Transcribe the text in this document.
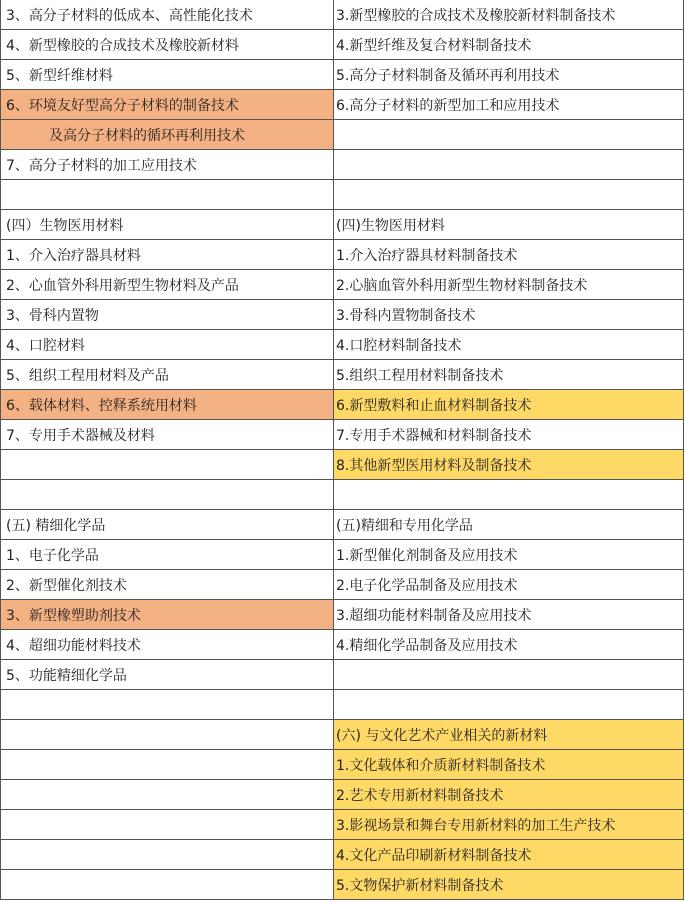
3、高分子材料的低成本、高性能化技术	3.新型橡胶的合成技术及橡胶新材料制备技术
4、新型橡胶的合成技术及橡胶新材料	4.新型纤维及复合材料制备技术
5、新型纤维材料	5.高分子材料制备及循环再利用技术
6、环境友好型高分子材料的制备技术	6.高分子材料的新型加工和应用技术
及高分子材料的循环再利用技术	
7、高分子材料的加工应用技术	

(四）生物医用材料	(四)生物医用材料
1、介入治疗器具材料	1.介入治疗器具材料制备技术
2、心血管外科用新型生物材料及产品	2.心脑血管外科用新型生物材料制备技术
3、骨科内置物	3.骨科内置物制备技术
4、口腔材料	4.口腔材料制备技术
5、组织工程用材料及产品	5.组织工程用材料制备技术
6、载体材料、控释系统用材料	6.新型敷料和止血材料制备技术
7、专用手术器械及材料	7.专用手术器械和材料制备技术
	8.其他新型医用材料及制备技术

(五) 精细化学品	(五)精细和专用化学品
1、电子化学品	1.新型催化剂制备及应用技术
2、新型催化剂技术	2.电子化学品制备及应用技术
3、新型橡塑助剂技术	3.超细功能材料制备及应用技术
4、超细功能材料技术	4.精细化学品制备及应用技术
5、功能精细化学品	

	(六) 与文化艺术产业相关的新材料
	1.文化载体和介质新材料制备技术
	2.艺术专用新材料制备技术
	3.影视场景和舞台专用新材料的加工生产技术
	4.文化产品印刷新材料制备技术
	5.文物保护新材料制备技术
